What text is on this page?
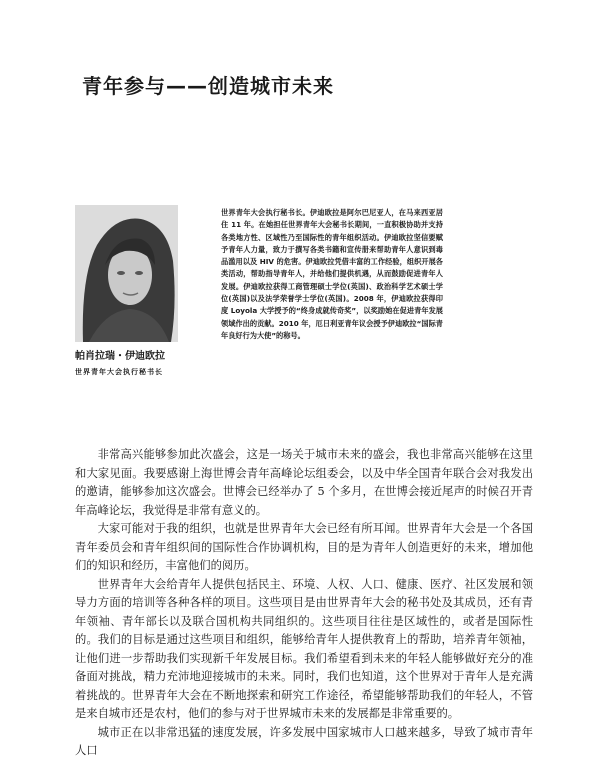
青年参与——创造城市未来
帕肖拉瑞・伊迪欧拉
世界青年大会执行秘书长

世界青年大会执行秘书长。伊迪欧拉是阿尔巴尼亚人，在马来西亚居住 11 年。在她担任世界青年大会秘书长期间，一直积极协助并支持各类地方性、区域性乃至国际性的青年组织活动。伊迪欧拉坚信要赋予青年人力量，致力于撰写各类书籍和宣传册来帮助青年人意识到毒品滥用以及 HIV 的危害。伊迪欧拉凭借丰富的工作经验，组织开展各类活动，帮助指导青年人，并给他们提供机遇，从而鼓励促进青年人发展。伊迪欧拉获得工商管理硕士学位(英国)、政治科学艺术硕士学位(英国)以及法学荣誉学士学位(英国)。2008 年，伊迪欧拉获得印度 Loyola 大学授予的“终身成就传奇奖”，以奖励她在促进青年发展领域作出的贡献。2010 年，厄日利亚青年议会授予伊迪欧拉“国际青年良好行为大使”的称号。

非常高兴能够参加此次盛会，这是一场关于城市未来的盛会，我也非常高兴能够在这里和大家见面。我要感谢上海世博会青年高峰论坛组委会，以及中华全国青年联合会对我发出的邀请，能够参加这次盛会。世博会已经举办了 5 个多月，在世博会接近尾声的时候召开青年高峰论坛，我觉得是非常有意义的。

大家可能对于我的组织，也就是世界青年大会已经有所耳闻。世界青年大会是一个各国青年委员会和青年组织间的国际性合作协调机构，目的是为青年人创造更好的未来，增加他们的知识和经历，丰富他们的阅历。

世界青年大会给青年人提供包括民主、环境、人权、人口、健康、医疗、社区发展和领导力方面的培训等各种各样的项目。这些项目是由世界青年大会的秘书处及其成员，还有青年领袖、青年部长以及联合国机构共同组织的。这些项目往往是区域性的，或者是国际性的。我们的目标是通过这些项目和组织，能够给青年人提供教育上的帮助，培养青年领袖，让他们进一步帮助我们实现新千年发展目标。我们希望看到未来的年轻人能够做好充分的准备面对挑战，精力充沛地迎接城市的未来。同时，我们也知道，这个世界对于青年人是充满着挑战的。世界青年大会在不断地探索和研究工作途径，希望能够帮助我们的年轻人，不管是来自城市还是农村，他们的参与对于世界城市未来的发展都是非常重要的。

城市正在以非常迅猛的速度发展，许多发展中国家城市人口越来越多，导致了城市青年人口
